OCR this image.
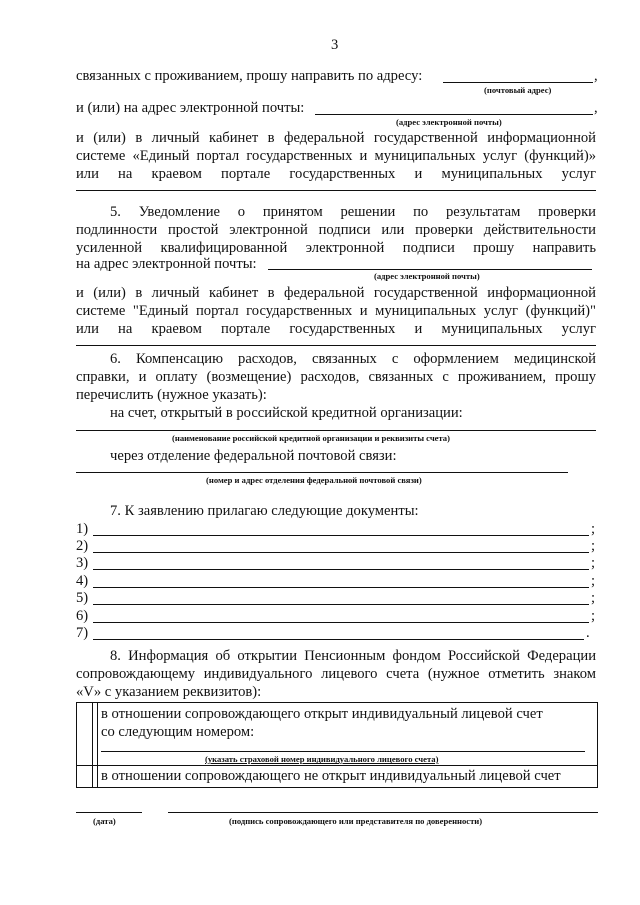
3
связанных с проживанием, прошу направить по адресу:	,
(почтовый адрес)
и (или) на адрес электронной почты:	,
(адрес электронной почты)
и (или) в личный кабинет в федеральной государственной информационной
системе «Единый портал государственных и муниципальных услуг (функций)»
или на краевом портале государственных и муниципальных услуг
5. Уведомление о принятом решении по результатам проверки
подлинности простой электронной подписи или проверки действительности
усиленной квалифицированной электронной подписи прошу направить
на адрес электронной почты:
(адрес электронной почты)
и (или) в личный кабинет в федеральной государственной информационной
системе "Единый портал государственных и муниципальных услуг (функций)"
или на краевом портале государственных и муниципальных услуг
6. Компенсацию расходов, связанных с оформлением медицинской
справки, и оплату (возмещение) расходов, связанных с проживанием, прошу
перечислить (нужное указать):
на счет, открытый в российской кредитной организации:
(наименование российской кредитной организации и реквизиты счета)
через отделение федеральной почтовой связи:
(номер и адрес отделения федеральной почтовой связи)
7. К заявлению прилагаю следующие документы:
1)	;
2)	;
3)	;
4)	;
5)	;
6)	;
7)	.
8. Информация об открытии Пенсионным фондом Российской Федерации
сопровождающему индивидуального лицевого счета (нужное отметить знаком
«V» с указанием реквизитов):
в отношении сопровождающего открыт индивидуальный лицевой счет
со следующим номером:
(указать страховой номер индивидуального лицевого счета)
в отношении сопровождающего не открыт индивидуальный лицевой счет
(дата)	(подпись сопровождающего или представителя по доверенности)
